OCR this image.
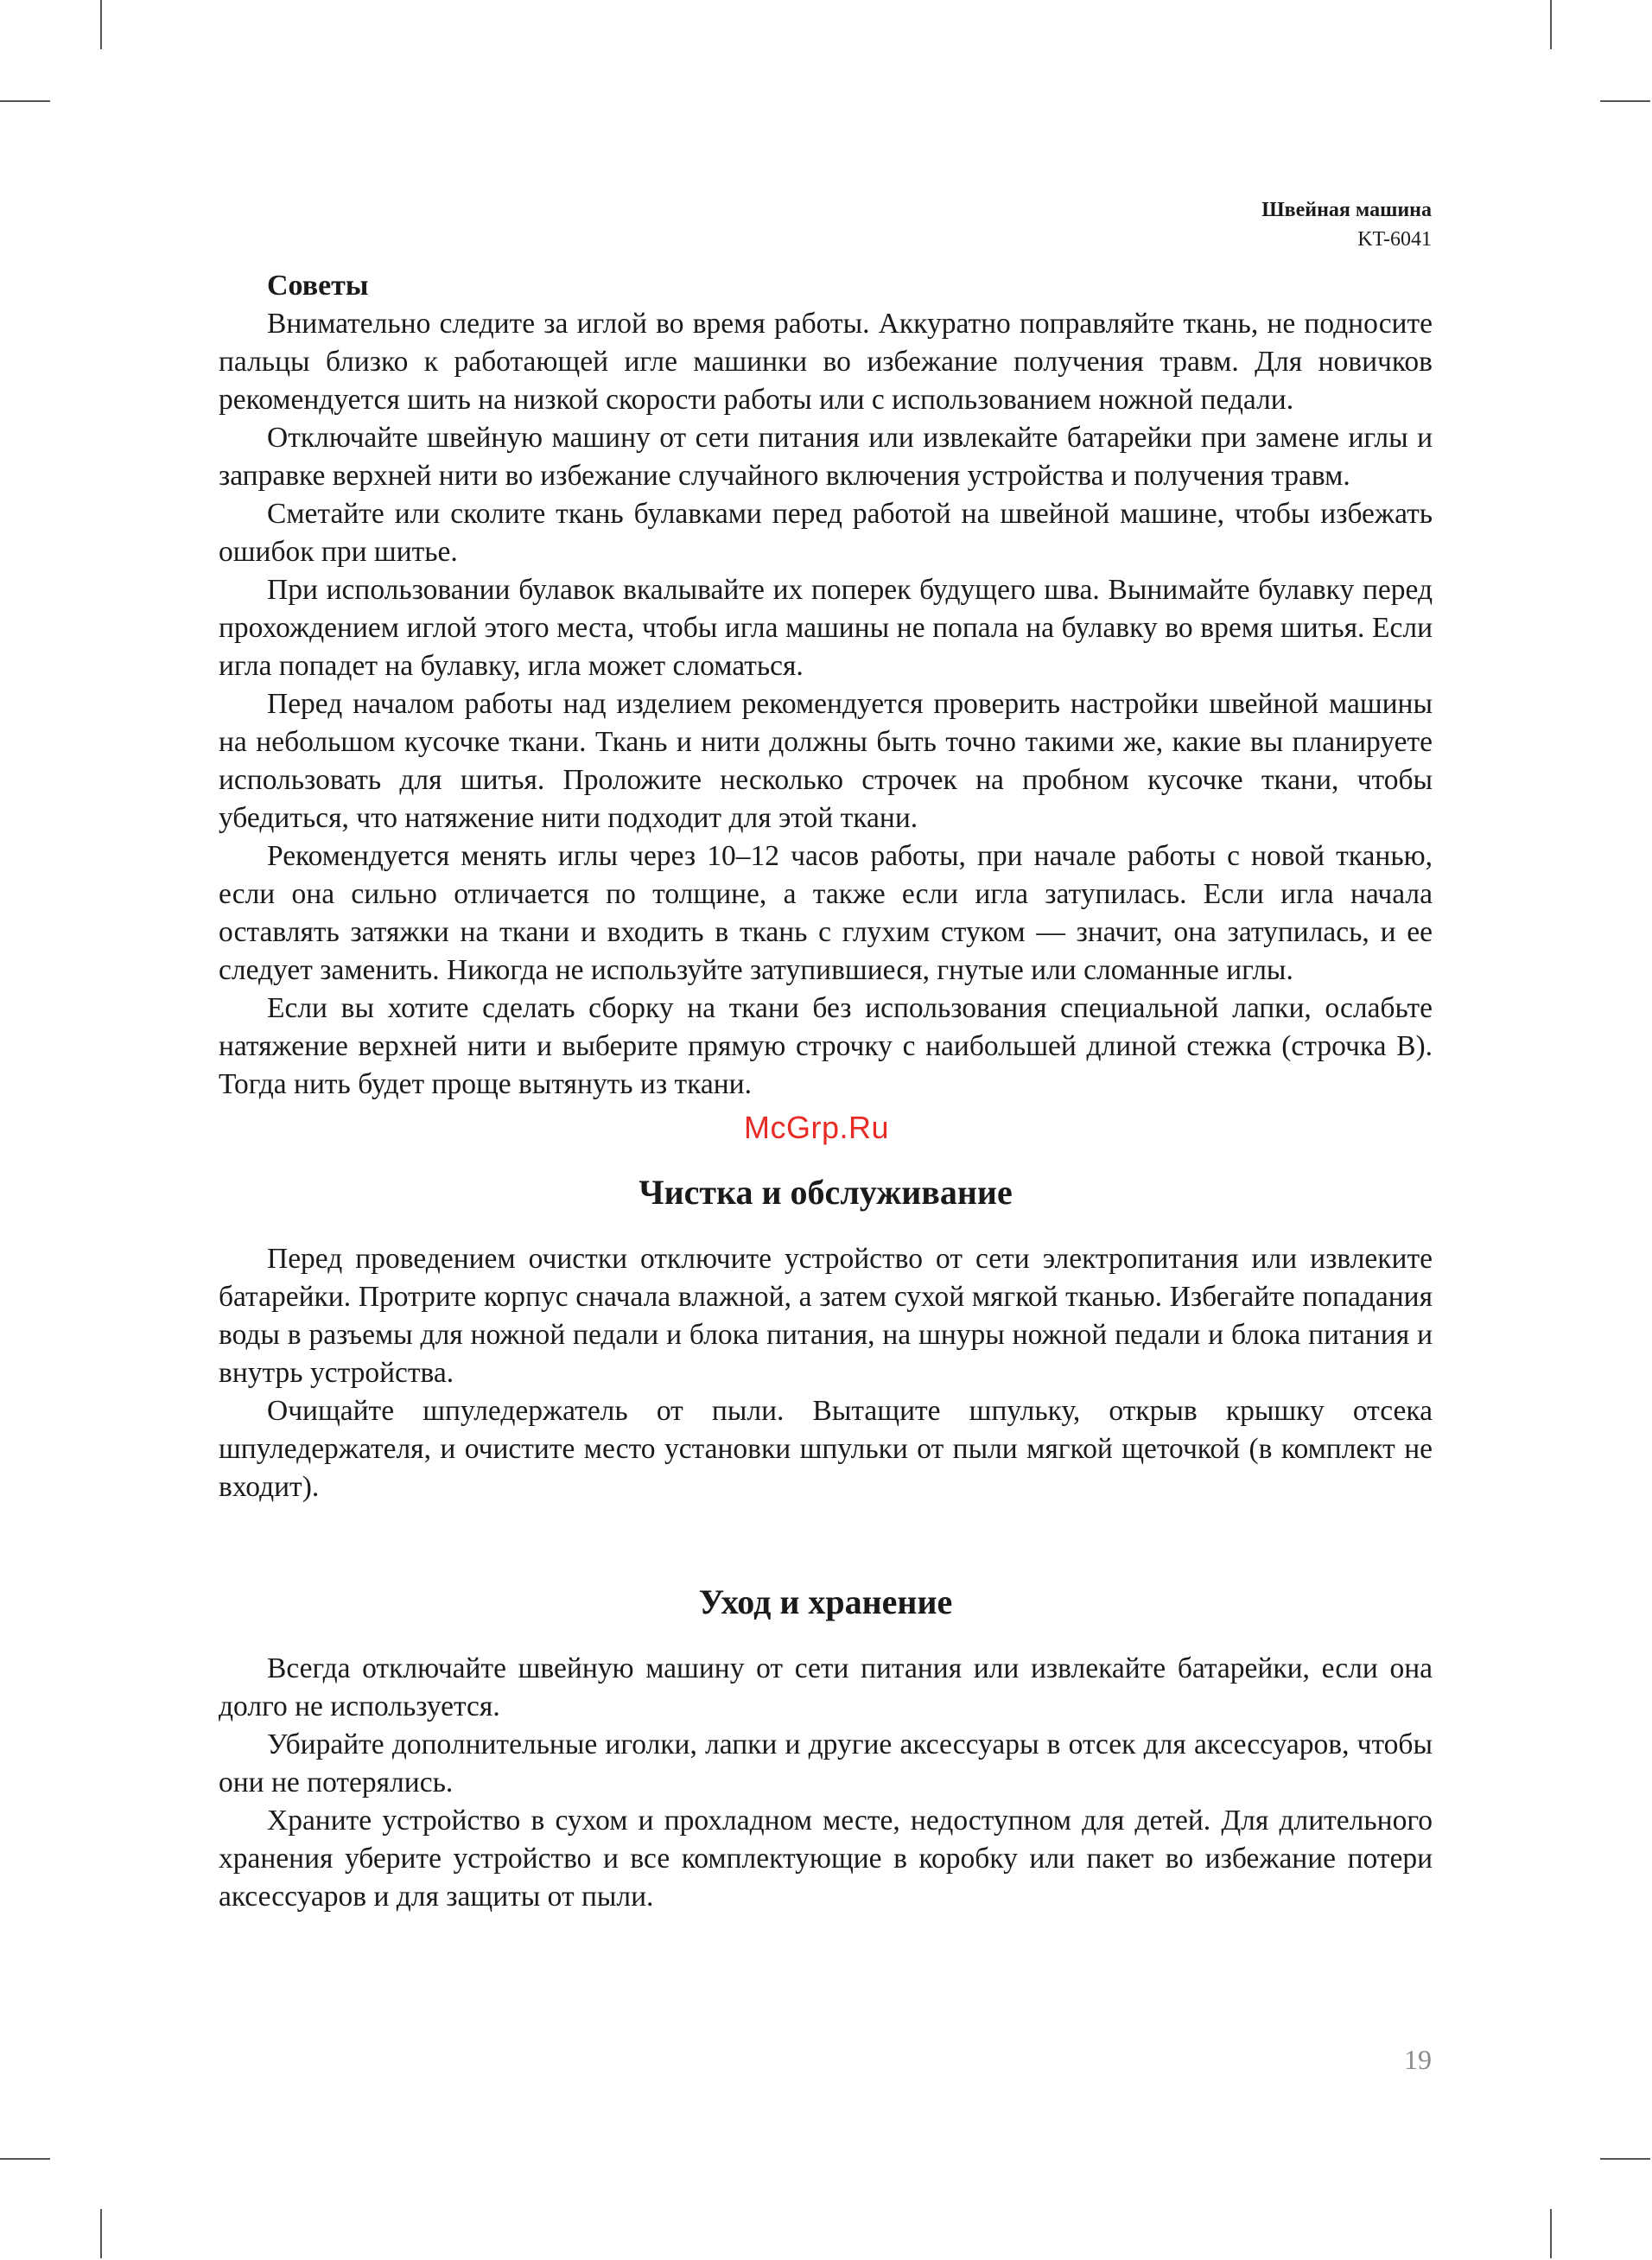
Швейная машина
KT-6041
Советы

Внимательно следите за иглой во время работы. Аккуратно поправляйте ткань, не подносите пальцы близко к работающей игле машинки во избежание получения травм. Для новичков рекомендуется шить на низкой скорости работы или с использованием ножной педали.

Отключайте швейную машину от сети питания или извлекайте батарейки при замене иглы и заправке верхней нити во избежание случайного включения устройства и получения травм.

Сметайте или сколите ткань булавками перед работой на швейной машине, чтобы избежать ошибок при шитье.

При использовании булавок вкалывайте их поперек будущего шва. Вынимайте булавку перед прохождением иглой этого места, чтобы игла машины не попала на булавку во время шитья. Если игла попадет на булавку, игла может сломаться.

Перед началом работы над изделием рекомендуется проверить настройки швейной машины на небольшом кусочке ткани. Ткань и нити должны быть точно такими же, какие вы планируете использовать для шитья. Проложите несколько строчек на пробном кусочке ткани, чтобы убедиться, что натяжение нити подходит для этой ткани.

Рекомендуется менять иглы через 10–12 часов работы, при начале работы с новой тканью, если она сильно отличается по толщине, а также если игла затупилась. Если игла начала оставлять затяжки на ткани и входить в ткань с глухим стуком — значит, она затупилась, и ее следует заменить. Никогда не используйте затупившиеся, гнутые или сломанные иглы.

Если вы хотите сделать сборку на ткани без использования специальной лапки, ослабьте натяжение верхней нити и выберите прямую строчку с наибольшей длиной стежка (строчка В). Тогда нить будет проще вытянуть из ткани.

Чистка и обслуживание

Перед проведением очистки отключите устройство от сети электропитания или извлеките батарейки. Протрите корпус сначала влажной, а затем сухой мягкой тканью. Избегайте попадания воды в разъемы для ножной педали и блока питания, на шнуры ножной педали и блока питания и внутрь устройства.

Очищайте шпуледержатель от пыли. Вытащите шпульку, открыв крышку отсека шпуледержателя, и очистите место установки шпульки от пыли мягкой щеточкой (в комплект не входит).

Уход и хранение

Всегда отключайте швейную машину от сети питания или извлекайте батарейки, если она долго не используется.

Убирайте дополнительные иголки, лапки и другие аксессуары в отсек для аксессуаров, чтобы они не потерялись.

Храните устройство в сухом и прохладном месте, недоступном для детей. Для длительного хранения уберите устройство и все комплектующие в коробку или пакет во избежание потери аксессуаров и для защиты от пыли.

McGrp.Ru
19
